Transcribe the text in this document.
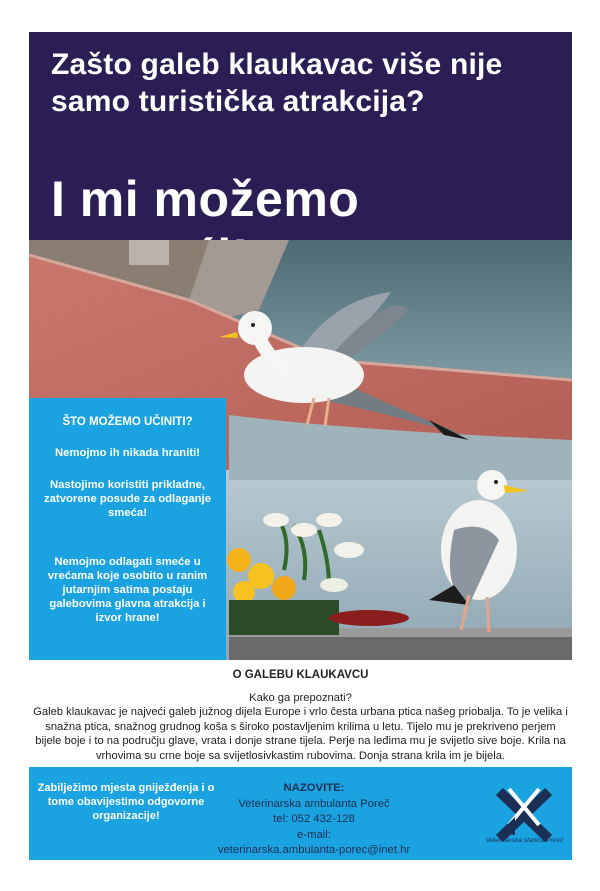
Zašto galeb klaukavac više nije samo turistička atrakcija?
I mi možemo
ŠTO MOŽEMO UČINITI?
Nemojmo ih nikada hraniti!
Nastojimo koristiti prikladne, zatvorene posude za odlaganje smeća!
Nemojmo odlagati smeće u vrećama koje osobito u ranim jutarnjim satima postaju galebovima glavna atrakcija i izvor hrane!
O GALEBU KLAUKAVCU
Kako ga prepoznati?
Galeb klaukavac je najveći galeb južnog dijela Europe i vrlo česta urbana ptica našeg priobalja. To je velika i snažna ptica, snažnog grudnog koša s široko postavljenim krilima u letu. Tijelo mu je prekriveno perjem bijele boje i to na području glave, vrata i donje strane tijela. Perje na leđima mu je svijetlo sive boje. Krila na vrhovima su crne boje sa svijetlosivkastim rubovima. Donja strana krila im je bijela.
Zabilježimo mjesta gniježđenja i o tome obavijestimo odgovorne organizacije!
NAZOVITE:
Veterinarska ambulanta Poreč
tel: 052 432-128
e-mail:
veterinarska.ambulanta-porec@inet.hr
Veterinarska stanica Poreč
